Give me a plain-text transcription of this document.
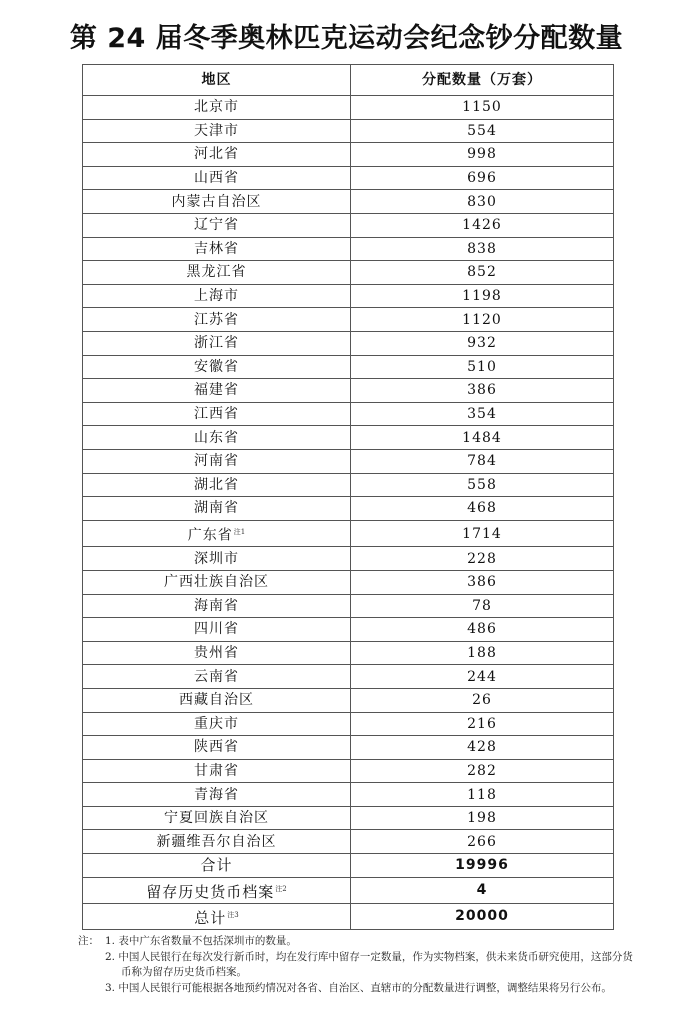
第 24 届冬季奥林匹克运动会纪念钞分配数量
地区	分配数量（万套）
北京市	1150
天津市	554
河北省	998
山西省	696
内蒙古自治区	830
辽宁省	1426
吉林省	838
黑龙江省	852
上海市	1198
江苏省	1120
浙江省	932
安徽省	510
福建省	386
江西省	354
山东省	1484
河南省	784
湖北省	558
湖南省	468
广东省$^{注1}$	1714
深圳市	228
广西壮族自治区	386
海南省	78
四川省	486
贵州省	188
云南省	244
西藏自治区	26
重庆市	216
陕西省	428
甘肃省	282
青海省	118
宁夏回族自治区	198
新疆维吾尔自治区	266
合计	19996
留存历史货币档案$^{注2}$	4
总计$^{注3}$	20000
注： 1. 表中广东省数量不包括深圳市的数量。
2. 中国人民银行在每次发行新币时，均在发行库中留存一定数量，作为实物档案，供未来货币研究使用，这部分货币称为留存历史货币档案。
3. 中国人民银行可能根据各地预约情况对各省、自治区、直辖市的分配数量进行调整，调整结果将另行公布。
